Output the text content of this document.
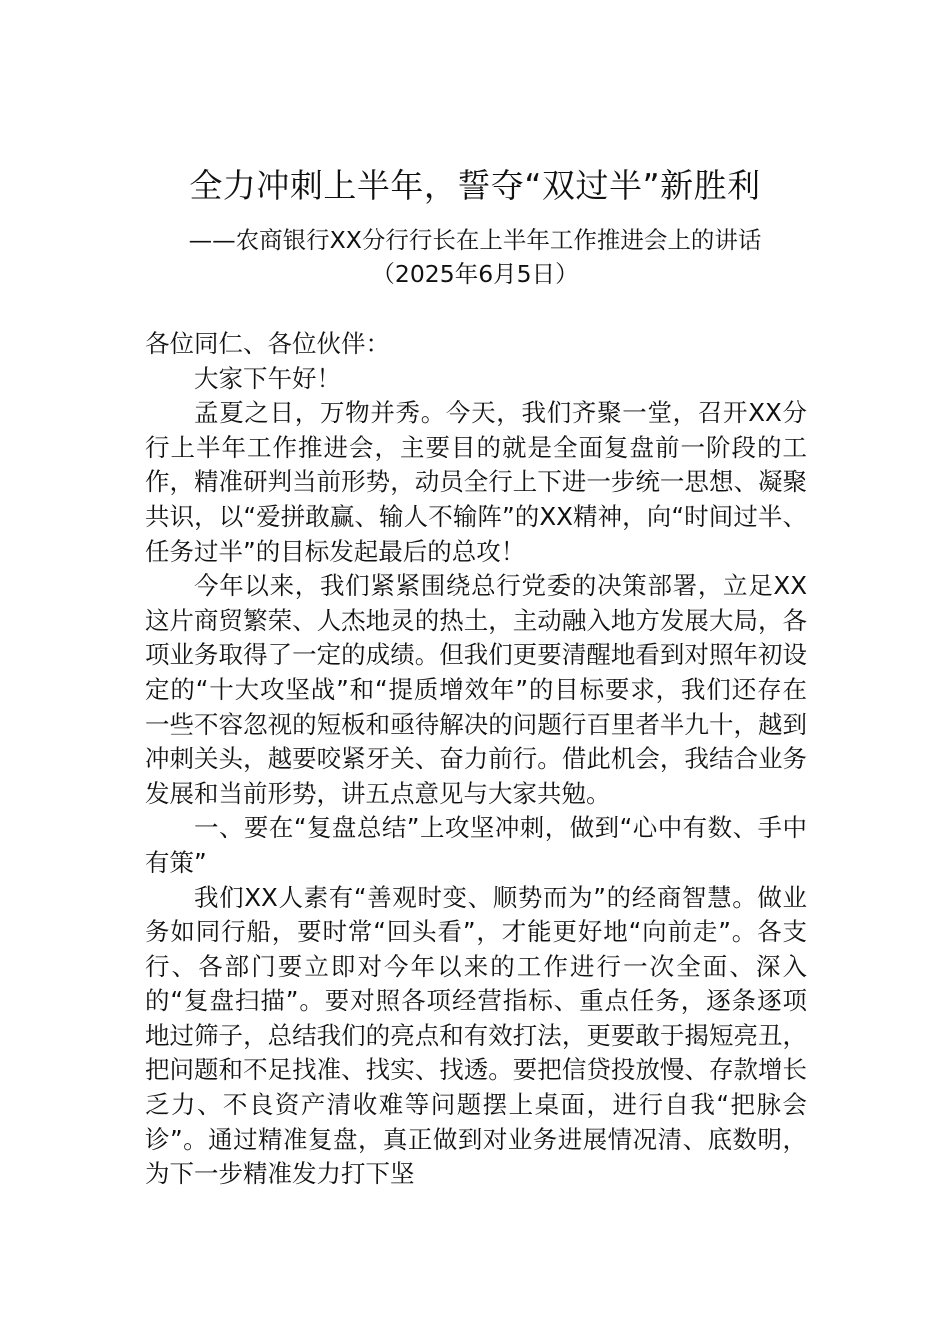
全力冲刺上半年，誓夺“双过半”新胜利
——农商银行XX分行行长在上半年工作推进会上的讲话
（2025年6月5日）

各位同仁、各位伙伴：

大家下午好！

孟夏之日，万物并秀。今天，我们齐聚一堂，召开XX分行上半年工作推进会，主要目的就是全面复盘前一阶段的工作，精准研判当前形势，动员全行上下进一步统一思想、凝聚共识，以“爱拼敢赢、输人不输阵”的XX精神，向“时间过半、任务过半”的目标发起最后的总攻！

今年以来，我们紧紧围绕总行党委的决策部署，立足XX这片商贸繁荣、人杰地灵的热土，主动融入地方发展大局，各项业务取得了一定的成绩。但我们更要清醒地看到对照年初设定的“十大攻坚战”和“提质增效年”的目标要求，我们还存在一些不容忽视的短板和亟待解决的问题行百里者半九十，越到冲刺关头，越要咬紧牙关、奋力前行。借此机会，我结合业务发展和当前形势，讲五点意见与大家共勉。

一、要在“复盘总结”上攻坚冲刺，做到“心中有数、手中有策”

我们XX人素有“善观时变、顺势而为”的经商智慧。做业务如同行船，要时常“回头看”，才能更好地“向前走”。各支行、各部门要立即对今年以来的工作进行一次全面、深入的“复盘扫描”。要对照各项经营指标、重点任务，逐条逐项地过筛子，总结我们的亮点和有效打法，更要敢于揭短亮丑，把问题和不足找准、找实、找透。要把信贷投放慢、存款增长乏力、不良资产清收难等问题摆上桌面，进行自我“把脉会诊”。通过精准复盘，真正做到对业务进展情况清、底数明，为下一步精准发力打下坚
